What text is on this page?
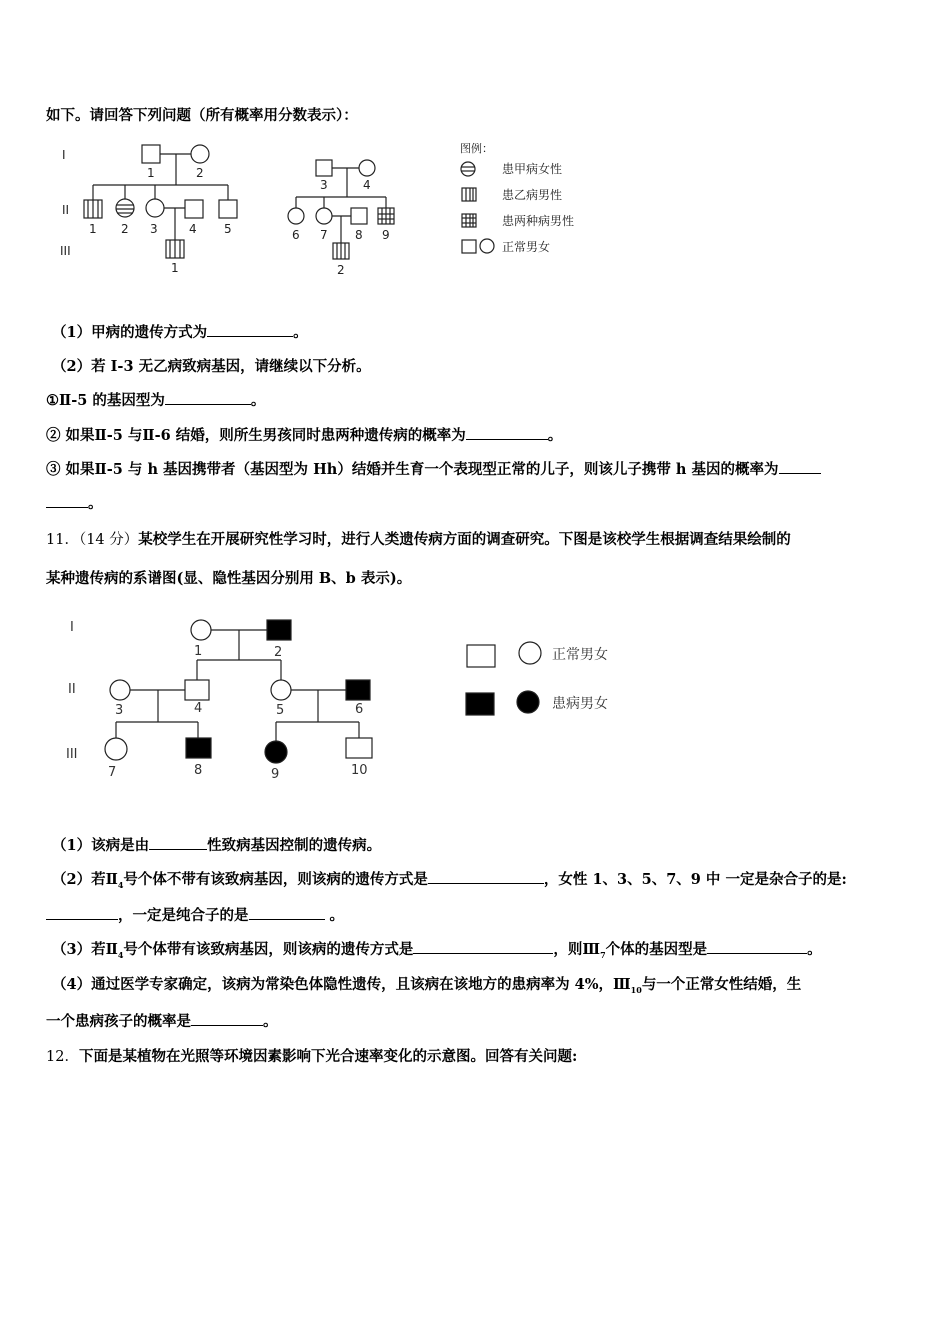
如下。请回答下列问题（所有概率用分数表示）：
I
II
III
1	2
1 2 3	4 5
1
3	4
6 7 8 9
2
图例：
患甲病女性
患乙病男性
患两种病男性
正常男女
（1）甲病的遗传方式为	。
（2）若 I-3 无乙病致病基因，请继续以下分析。
①Ⅱ-5 的基因型为	。
② 如果Ⅱ-5 与Ⅱ-6 结婚，则所生男孩同时患两种遗传病的概率为	。
③ 如果Ⅱ-5 与 h 基因携带者（基因型为 Hh）结婚并生育一个表现型正常的儿子，则该儿子携带 h 基因的概率为
。
11．（14 分）某校学生在开展研究性学习时，进行人类遗传病方面的调查研究。下图是该校学生根据调查结果绘制的
某种遗传病的系谱图(显、隐性基因分别用 B、b 表示)。
I
II
III
1	2
3	4	5	6
7	8	9	10
正常男女
患病男女
（1）该病是由	性致病基因控制的遗传病。
（2）若$Ⅱ_4$号个体不带有该致病基因，则该病的遗传方式是	，女性 1、3、5、7、9 中 一定是杂合子的是:
，一定是纯合子的是	。
（3）若$Ⅱ_4$号个体带有该致病基因，则该病的遗传方式是	，则$Ⅲ_7$个体的基因型是	。
（4）通过医学专家确定，该病为常染色体隐性遗传，且该病在该地方的患病率为 4%，$Ⅲ_{10}$与一个正常女性结婚，生
一个患病孩子的概率是	。
12．下面是某植物在光照等环境因素影响下光合速率变化的示意图。回答有关问题:
